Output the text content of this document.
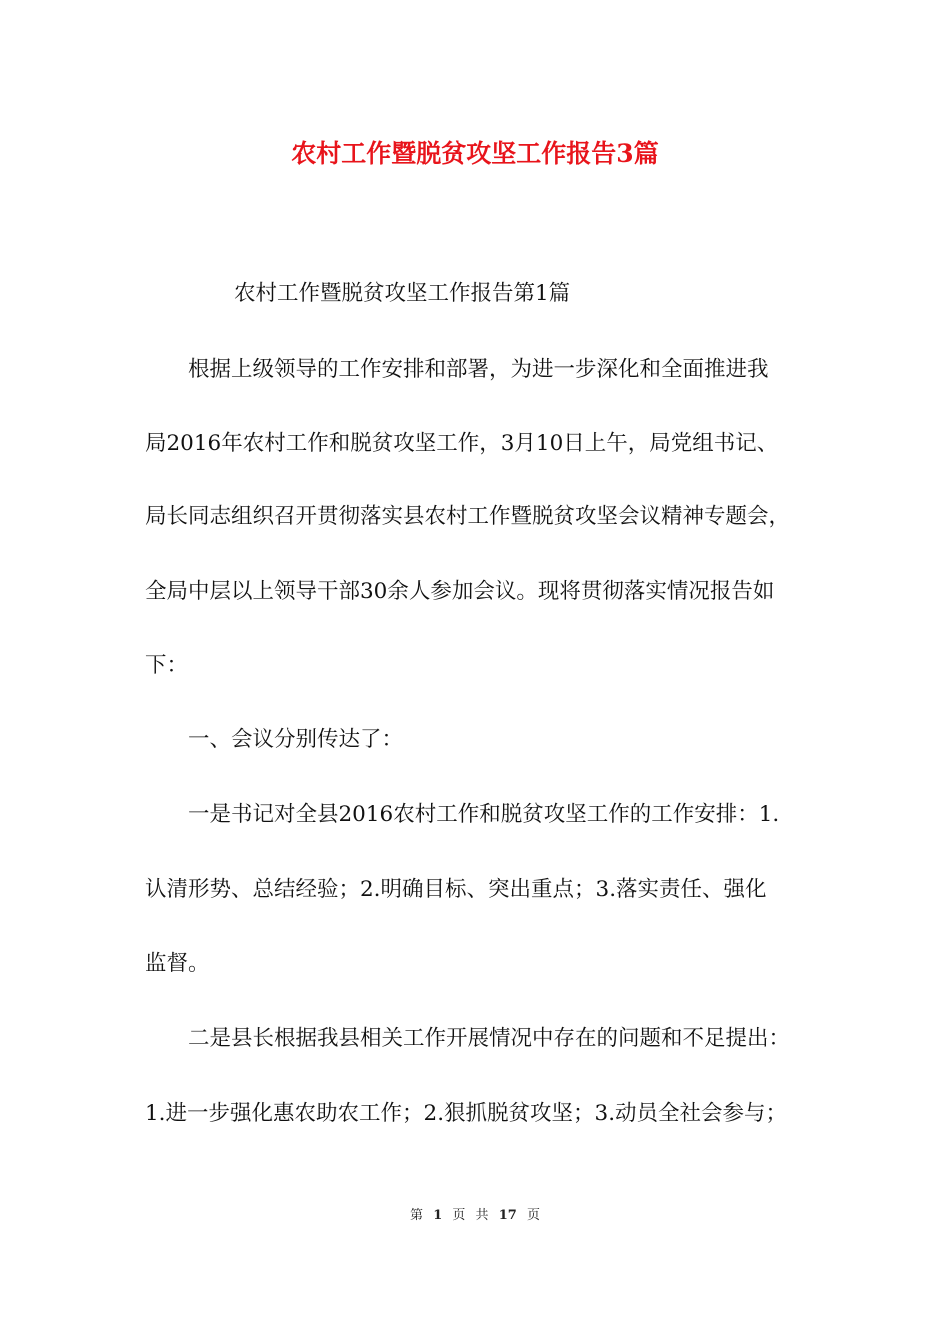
农村工作暨脱贫攻坚工作报告3篇
农村工作暨脱贫攻坚工作报告第1篇
　　根据上级领导的工作安排和部署，为进一步深化和全面推进我
局2016年农村工作和脱贫攻坚工作，3月10日上午，局党组书记、
局长同志组织召开贯彻落实县农村工作暨脱贫攻坚会议精神专题会，
全局中层以上领导干部30余人参加会议。现将贯彻落实情况报告如
下：
　　一、会议分别传达了：
　　一是书记对全县2016农村工作和脱贫攻坚工作的工作安排：1.
认清形势、总结经验；2.明确目标、突出重点；3.落实责任、强化
监督。
　　二是县长根据我县相关工作开展情况中存在的问题和不足提出：
1.进一步强化惠农助农工作；2.狠抓脱贫攻坚；3.动员全社会参与；
第 1 页 共 17 页
